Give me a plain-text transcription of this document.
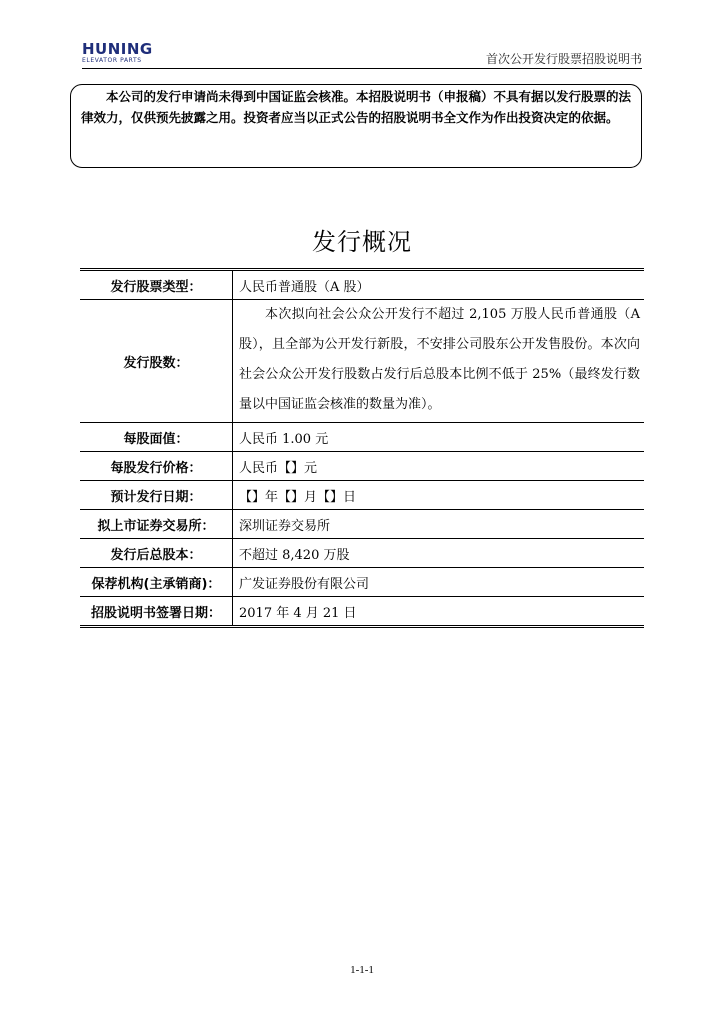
HUNING
ELEVATOR PARTS	首次公开发行股票招股说明书
本公司的发行申请尚未得到中国证监会核准。本招股说明书（申报稿）不具有据以发行股票的法律效力，仅供预先披露之用。投资者应当以正式公告的招股说明书全文作为作出投资决定的依据。
发行概况
发行股票类型：	人民币普通股（A 股）
发行股数：	本次拟向社会公众公开发行不超过 2,105 万股人民币普通股（A 股），且全部为公开发行新股，不安排公司股东公开发售股份。本次向社会公众公开发行股数占发行后总股本比例不低于 25%（最终发行数量以中国证监会核准的数量为准）。
每股面值：	人民币 1.00 元
每股发行价格：	人民币【】元
预计发行日期：	【】年【】月【】日
拟上市证券交易所：	深圳证券交易所
发行后总股本：	不超过 8,420 万股
保荐机构(主承销商)：	广发证券股份有限公司
招股说明书签署日期：	2017 年 4 月 21 日
1-1-1
